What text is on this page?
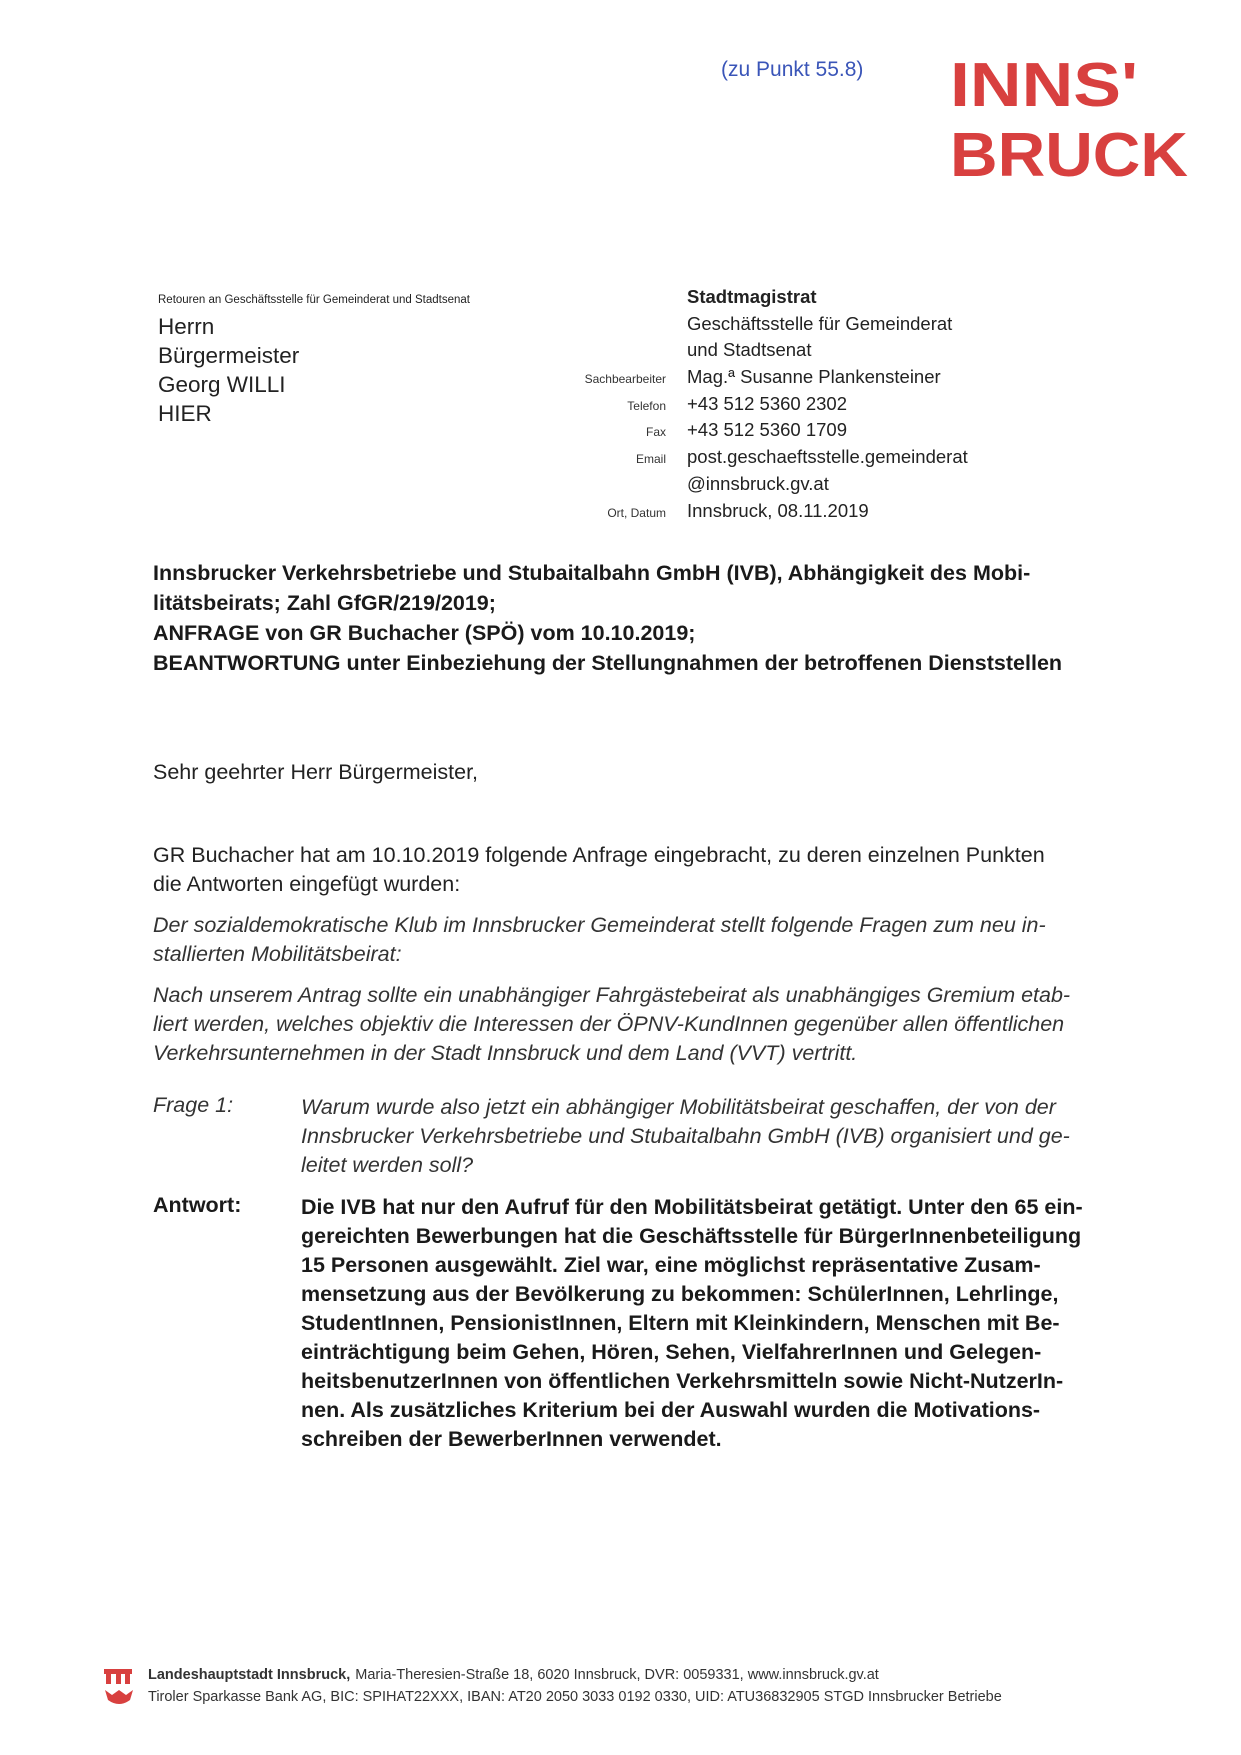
(zu Punkt 55.8) INNS'
BRUCK
Retouren an Geschäftsstelle für Gemeinderat und Stadtsenat
Herrn
Bürgermeister
Georg WILLI
HIER
Stadtmagistrat
Geschäftsstelle für Gemeinderat
und Stadtsenat
Sachbearbeiter	Mag.ª Susanne Plankensteiner
Telefon	+43 512 5360 2302
Fax	+43 512 5360 1709
Email	post.geschaeftsstelle.gemeinderat
@innsbruck.gv.at
Ort, Datum	Innsbruck, 08.11.2019
Innsbrucker Verkehrsbetriebe und Stubaitalbahn GmbH (IVB), Abhängigkeit des Mobi-
litätsbeirats; Zahl GfGR/219/2019;
ANFRAGE von GR Buchacher (SPÖ) vom 10.10.2019;
BEANTWORTUNG unter Einbeziehung der Stellungnahmen der betroffenen Dienststellen
Sehr geehrter Herr Bürgermeister,
GR Buchacher hat am 10.10.2019 folgende Anfrage eingebracht, zu deren einzelnen Punkten
die Antworten eingefügt wurden:
Der sozialdemokratische Klub im Innsbrucker Gemeinderat stellt folgende Fragen zum neu in-
stallierten Mobilitätsbeirat:
Nach unserem Antrag sollte ein unabhängiger Fahrgästebeirat als unabhängiges Gremium etab-
liert werden, welches objektiv die Interessen der ÖPNV-KundInnen gegenüber allen öffentlichen
Verkehrsunternehmen in der Stadt Innsbruck und dem Land (VVT) vertritt.
Frage 1:	Warum wurde also jetzt ein abhängiger Mobilitätsbeirat geschaffen, der von der
Innsbrucker Verkehrsbetriebe und Stubaitalbahn GmbH (IVB) organisiert und ge-
leitet werden soll?
Antwort:	Die IVB hat nur den Aufruf für den Mobilitätsbeirat getätigt. Unter den 65 ein-
gereichten Bewerbungen hat die Geschäftsstelle für BürgerInnenbeteiligung
15 Personen ausgewählt. Ziel war, eine möglichst repräsentative Zusam-
mensetzung aus der Bevölkerung zu bekommen: SchülerInnen, Lehrlinge,
StudentInnen, PensionistInnen, Eltern mit Kleinkindern, Menschen mit Be-
einträchtigung beim Gehen, Hören, Sehen, VielfahrerInnen und Gelegen-
heitsbenutzerInnen von öffentlichen Verkehrsmitteln sowie Nicht-NutzerIn-
nen. Als zusätzliches Kriterium bei der Auswahl wurden die Motivations-
schreiben der BewerberInnen verwendet.
Landeshauptstadt Innsbruck, Maria-Theresien-Straße 18, 6020 Innsbruck, DVR: 0059331, www.innsbruck.gv.at
Tiroler Sparkasse Bank AG, BIC: SPIHAT22XXX, IBAN: AT20 2050 3033 0192 0330, UID: ATU36832905 STGD Innsbrucker Betriebe
